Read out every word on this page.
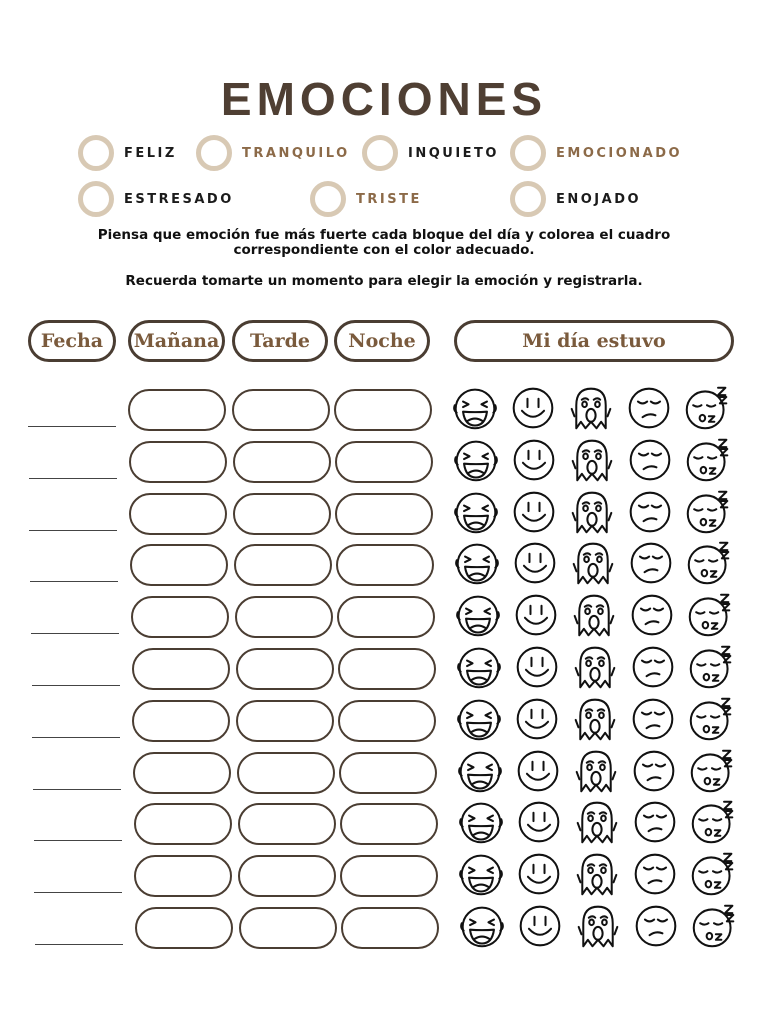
EMOCIONES
FELIZ	TRANQUILO	INQUIETO	EMOCIONADO
ESTRESADO	TRISTE	ENOJADO
Piensa que emoción fue más fuerte cada bloque del día y colorea el cuadro correspondiente con el color adecuado.
Recuerda tomarte un momento para elegir la emoción y registrarla.
Fecha	Mañana	Tarde	Noche	Mi día estuvo
